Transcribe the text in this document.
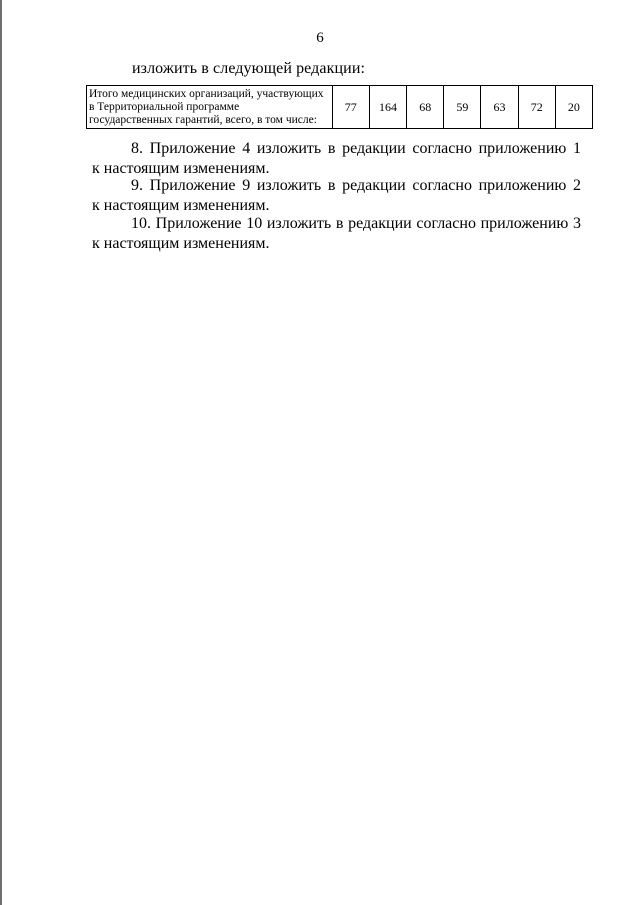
6
изложить в следующей редакции:
Итого медицинских организаций, участвующих
в Территориальной программе
государственных гарантий, всего, в том числе:	77	164	68	59	63	72	20
8. Приложение 4 изложить в редакции согласно приложению 1
к настоящим изменениям.
9. Приложение 9 изложить в редакции согласно приложению 2
к настоящим изменениям.
10. Приложение 10 изложить в редакции согласно приложению 3
к настоящим изменениям.
